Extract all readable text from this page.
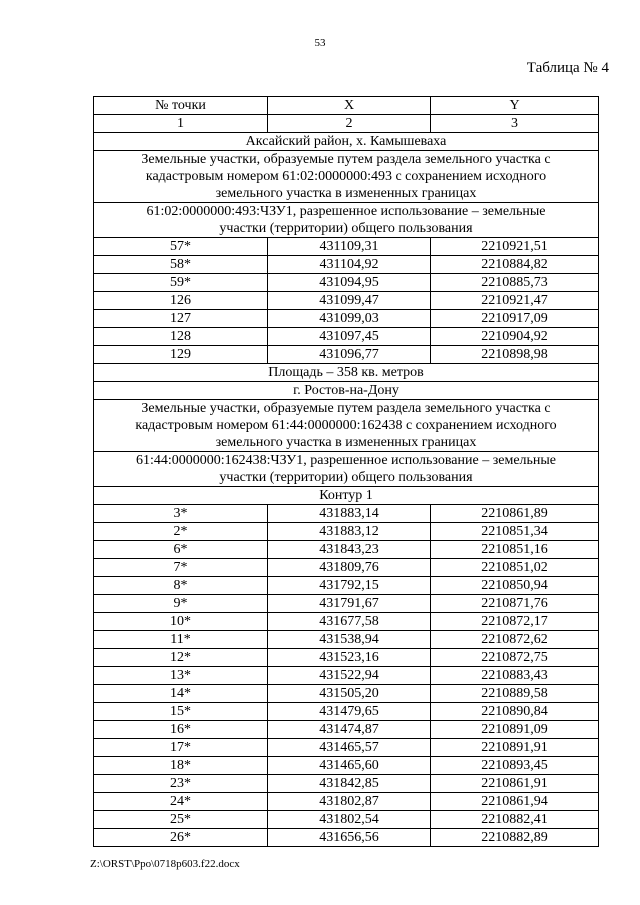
53
Таблица № 4
№ точки	X	Y
1	2	3
Аксайский район, х. Камышеваха		
Земельные участки, образуемые путем раздела земельного участка с кадастровым номером 61:02:0000000:493 с сохранением исходного земельного участка в измененных границах		
61:02:0000000:493:ЧЗУ1, разрешенное использование – земельные участки (территории) общего пользования		
57*	431109,31	2210921,51
58*	431104,92	2210884,82
59*	431094,95	2210885,73
126	431099,47	2210921,47
127	431099,03	2210917,09
128	431097,45	2210904,92
129	431096,77	2210898,98
Площадь – 358 кв. метров		
г. Ростов-на-Дону		
Земельные участки, образуемые путем раздела земельного участка с кадастровым номером 61:44:0000000:162438 с сохранением исходного земельного участка в измененных границах		
61:44:0000000:162438:ЧЗУ1, разрешенное использование – земельные участки (территории) общего пользования		
Контур 1		
3*	431883,14	2210861,89
2*	431883,12	2210851,34
6*	431843,23	2210851,16
7*	431809,76	2210851,02
8*	431792,15	2210850,94
9*	431791,67	2210871,76
10*	431677,58	2210872,17
11*	431538,94	2210872,62
12*	431523,16	2210872,75
13*	431522,94	2210883,43
14*	431505,20	2210889,58
15*	431479,65	2210890,84
16*	431474,87	2210891,09
17*	431465,57	2210891,91
18*	431465,60	2210893,45
23*	431842,85	2210861,91
24*	431802,87	2210861,94
25*	431802,54	2210882,41
26*	431656,56	2210882,89
Z:\ORST\Ppo\0718p603.f22.docx
